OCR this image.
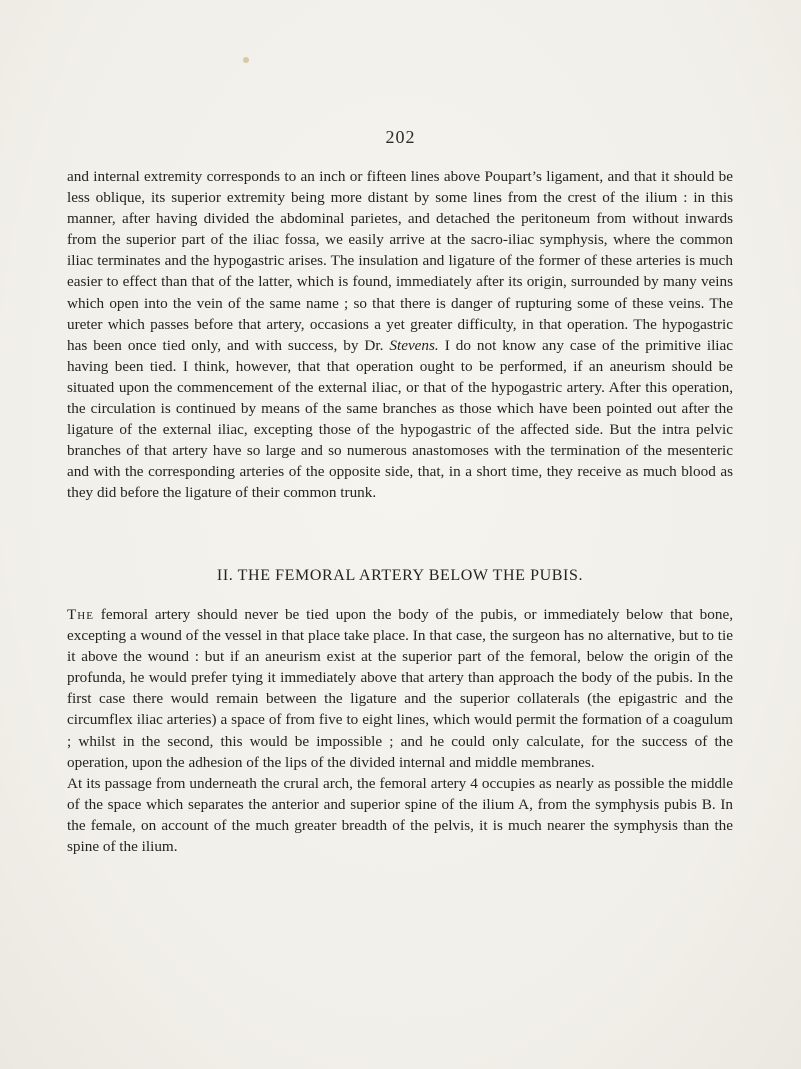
202

and internal extremity corresponds to an inch or fifteen lines above Poupart’s ligament, and that it should be less oblique, its superior extremity being more distant by some lines from the crest of the ilium : in this manner, after having divided the abdominal parietes, and detached the peritoneum from without inwards from the superior part of the iliac fossa, we easily arrive at the sacro-iliac symphysis, where the common iliac terminates and the hypogastric arises. The insulation and ligature of the former of these arteries is much easier to effect than that of the latter, which is found, immediately after its origin, surrounded by many veins which open into the vein of the same name ; so that there is danger of rupturing some of these veins. The ureter which passes before that artery, occasions a yet greater difficulty, in that operation. The hypogastric has been once tied only, and with success, by Dr. Stevens. I do not know any case of the primitive iliac having been tied. I think, however, that that operation ought to be performed, if an aneurism should be situated upon the commencement of the external iliac, or that of the hypogastric artery. After this operation, the circulation is continued by means of the same branches as those which have been pointed out after the ligature of the external iliac, excepting those of the hypogastric of the affected side. But the intra pelvic branches of that artery have so large and so numerous anastomoses with the termination of the mesenteric and with the corresponding arteries of the opposite side, that, in a short time, they receive as much blood as they did before the ligature of their common trunk.

II. THE FEMORAL ARTERY BELOW THE PUBIS.

The femoral artery should never be tied upon the body of the pubis, or immediately below that bone, excepting a wound of the vessel in that place take place. In that case, the surgeon has no alternative, but to tie it above the wound : but if an aneurism exist at the superior part of the femoral, below the origin of the profunda, he would prefer tying it immediately above that artery than approach the body of the pubis. In the first case there would remain between the ligature and the superior collaterals (the epigastric and the circumflex iliac arteries) a space of from five to eight lines, which would permit the formation of a coagulum ; whilst in the second, this would be impossible ; and he could only calculate, for the success of the operation, upon the adhesion of the lips of the divided internal and middle membranes.

At its passage from underneath the crural arch, the femoral artery 4 occupies as nearly as possible the middle of the space which separates the anterior and superior spine of the ilium A, from the symphysis pubis B. In the female, on account of the much greater breadth of the pelvis, it is much nearer the symphysis than the spine of the ilium.
